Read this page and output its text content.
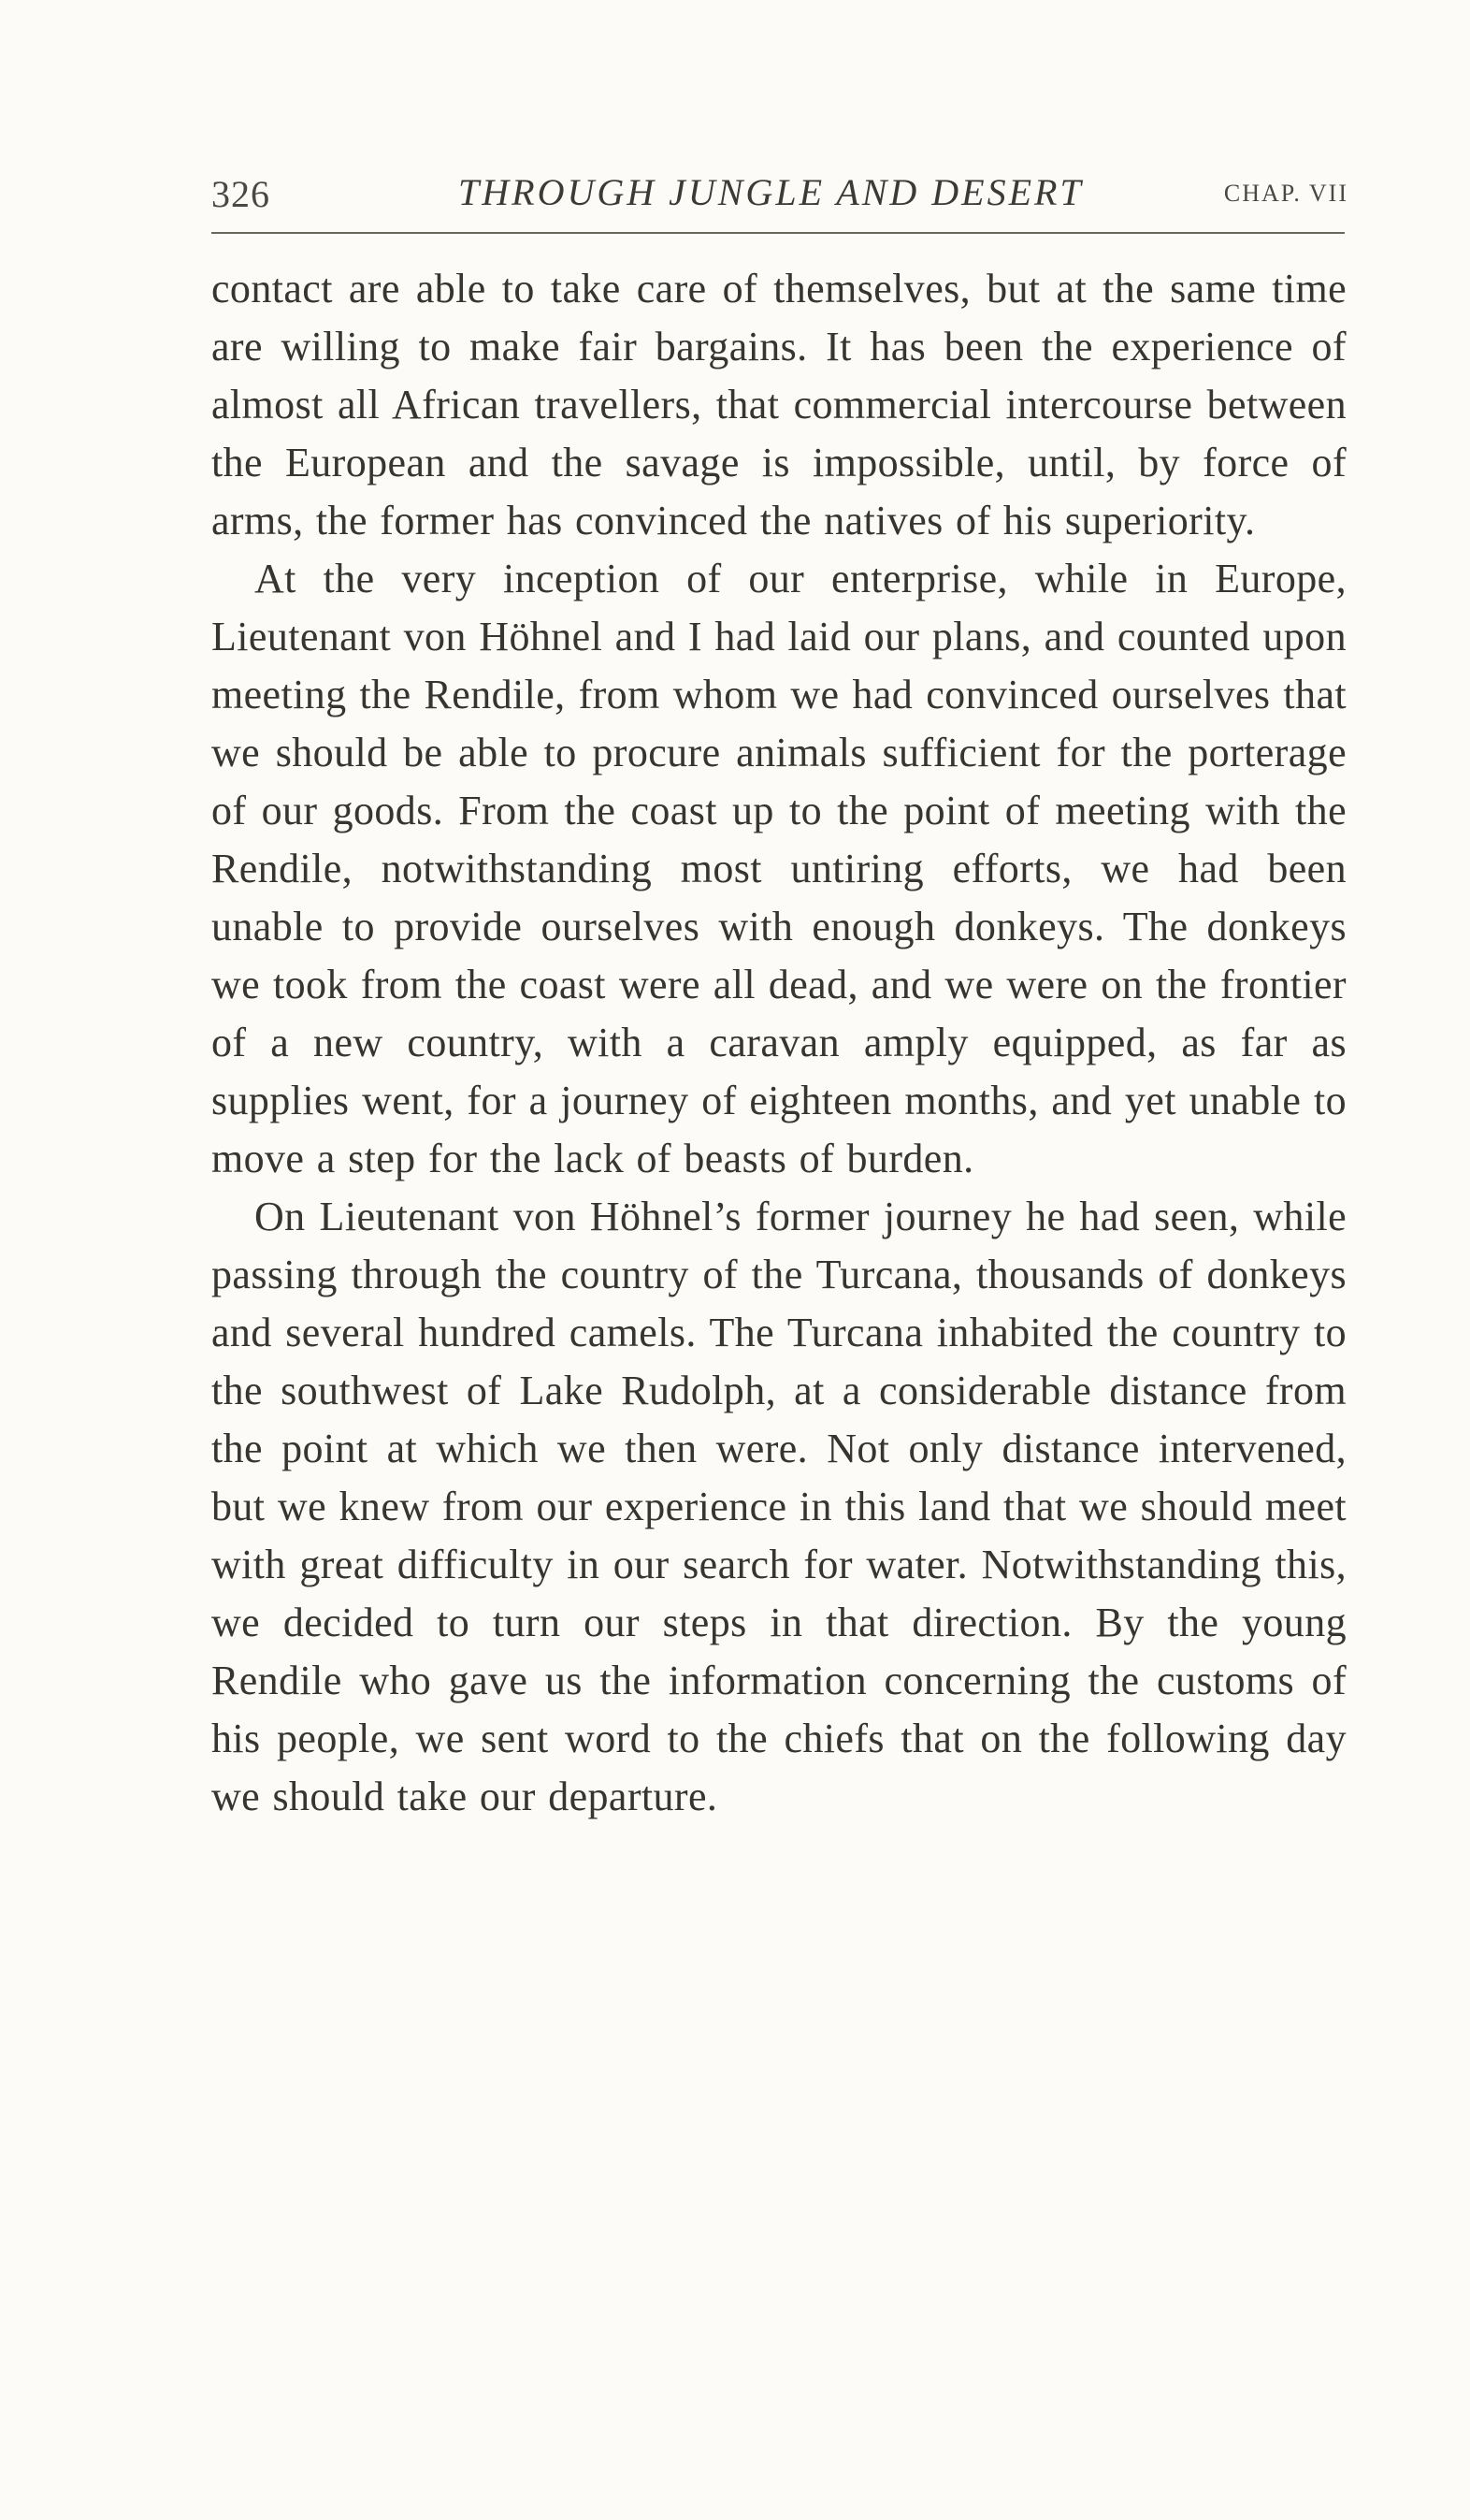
326	THROUGH JUNGLE AND DESERT	CHAP. VII

contact are able to take care of themselves, but at the same time are willing to make fair bargains. It has been the experience of almost all African travellers, that commercial intercourse between the European and the savage is impossible, until, by force of arms, the former has convinced the natives of his superiority.

At the very inception of our enterprise, while in Europe, Lieutenant von Höhnel and I had laid our plans, and counted upon meeting the Rendile, from whom we had convinced ourselves that we should be able to procure animals sufficient for the porterage of our goods. From the coast up to the point of meeting with the Rendile, notwithstanding most untiring efforts, we had been unable to provide ourselves with enough donkeys. The donkeys we took from the coast were all dead, and we were on the frontier of a new country, with a caravan amply equipped, as far as supplies went, for a journey of eighteen months, and yet unable to move a step for the lack of beasts of burden.

On Lieutenant von Höhnel’s former journey he had seen, while passing through the country of the Turcana, thousands of donkeys and several hundred camels. The Turcana inhabited the country to the southwest of Lake Rudolph, at a considerable distance from the point at which we then were. Not only distance intervened, but we knew from our experience in this land that we should meet with great difficulty in our search for water. Notwithstanding this, we decided to turn our steps in that direction. By the young Rendile who gave us the information concerning the customs of his people, we sent word to the chiefs that on the following day we should take our departure.
